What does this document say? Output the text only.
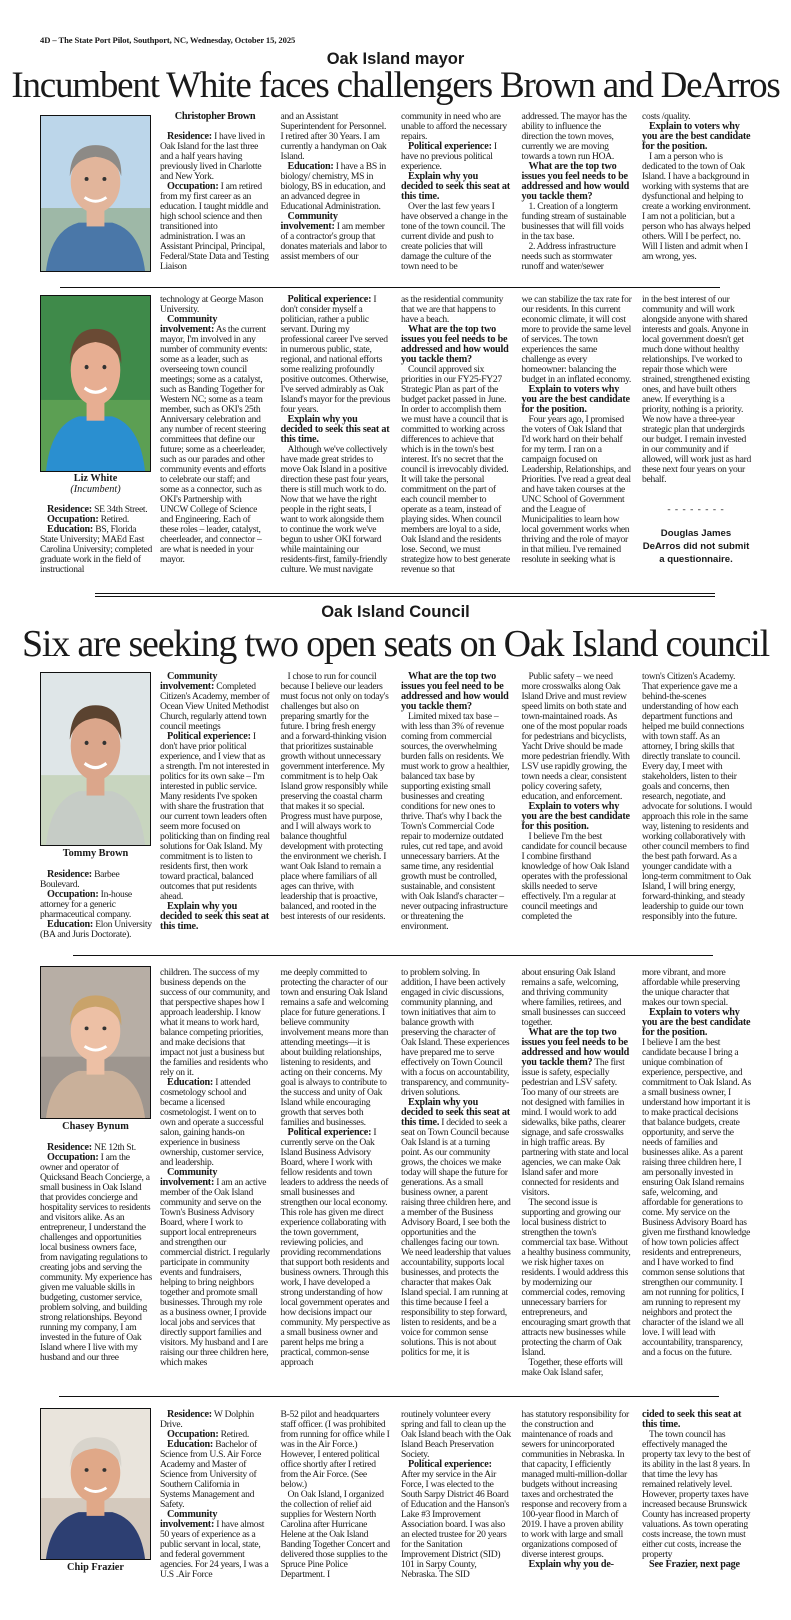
4D – The State Port Pilot, Southport, NC, Wednesday, October 15, 2025
Oak Island mayor
Incumbent White faces challengers Brown and DeArros
Oak Island Council
Six are seeking two open seats on Oak Island council

Christopher Brown

Residence: I have lived in Oak Island for the last three and a half years having previously lived in Charlotte and New York.

Occupation: I am retired from my first career as an education. I taught middle and high school science and then transitioned into administration. I was an Assistant Principal, Principal, Federal/State Data and Testing Liaison

and an Assistant Superintendent for Personnel. I retired after 30 Years. I am currently a handyman on Oak Island.

Education: I have a BS in biology/ chemistry, MS in biology, BS in education, and an advanced degree in Educational Administration.

Community involvement: I am member of a contractor's group that donates materials and labor to assist members of our

community in need who are unable to afford the necessary repairs.

Political experience: I have no previous political experience.

Explain why you decided to seek this seat at this time.

Over the last few years I have observed a change in the tone of the town council. The current divide and push to create policies that will damage the culture of the town need to be

addressed. The mayor has the ability to influence the direction the town moves, currently we are moving towards a town run HOA.

What are the top two issues you feel needs to be addressed and how would you tackle them?

1. Creation of a longterm funding stream of sustainable businesses that will fill voids in the tax base.

2. Address infrastructure needs such as stormwater runoff and water/sewer

costs /quality.

Explain to voters why you are the best candidate for the position.

I am a person who is dedicated to the town of Oak Island. I have a background in working with systems that are dysfunctional and helping to create a working environment. I am not a politician, but a person who has always helped others. Will I be perfect, no. Will I listen and admit when I am wrong, yes.

Liz White
(Incumbent)

Residence: SE 34th Street.

Occupation: Retired.

Education: BS, Florida State University; MAEd East Carolina University; completed graduate work in the field of instructional

technology at George Mason University.

Community involvement: As the current mayor, I'm involved in any number of community events: some as a leader, such as overseeing town council meetings; some as a catalyst, such as Banding Together for Western NC; some as a team member, such as OKI's 25th Anniversary celebration and any number of recent steering committees that define our future; some as a cheerleader, such as our parades and other community events and efforts to celebrate our staff; and some as a connector, such as OKI's Partnership with UNCW College of Science and Engineering. Each of these roles – leader, catalyst, cheerleader, and connector – are what is needed in your mayor.

Political experience: I don't consider myself a politician, rather a public servant. During my professional career I've served in numerous public, state, regional, and national efforts some realizing profoundly positive outcomes. Otherwise, I've served admirably as Oak Island's mayor for the previous four years.

Explain why you decided to seek this seat at this time.

Although we've collectively have made great strides to move Oak Island in a positive direction these past four years, there is still much work to do. Now that we have the right people in the right seats, I want to work alongside them to continue the work we've begun to usher OKI forward while maintaining our residents-first, family-friendly culture. We must navigate

as the residential community that we are that happens to have a beach.

What are the top two issues you feel needs to be addressed and how would you tackle them?

Council approved six priorities in our FY25-FY27 Strategic Plan as part of the budget packet passed in June. In order to accomplish them we must have a council that is committed to working across differences to achieve that which is in the town's best interest. It's no secret that the council is irrevocably divided. It will take the personal commitment on the part of each council member to operate as a team, instead of playing sides. When council members are loyal to a side, Oak Island and the residents lose. Second, we must strategize how to best generate revenue so that

we can stabilize the tax rate for our residents. In this current economic climate, it will cost more to provide the same level of services. The town experiences the same challenge as every homeowner: balancing the budget in an inflated economy.

Explain to voters why you are the best candidate for the position.

Four years ago, I promised the voters of Oak Island that I'd work hard on their behalf for my term. I ran on a campaign focused on Leadership, Relationships, and Priorities. I've read a great deal and have taken courses at the UNC School of Government and the League of Municipalities to learn how local government works when thriving and the role of mayor in that milieu. I've remained resolute in seeking what is

in the best interest of our community and will work alongside anyone with shared interests and goals. Anyone in local government doesn't get much done without healthy relationships. I've worked to repair those which were strained, strengthened existing ones, and have built others anew. If everything is a priority, nothing is a priority. We now have a three-year strategic plan that undergirds our budget. I remain invested in our community and if allowed, will work just as hard these next four years on your behalf.

Tommy Brown

Residence: Barbee Boulevard.

Occupation: In-house attorney for a generic pharmaceutical company.

Education: Elon University (BA and Juris Doctorate).

Community involvement: Completed Citizen's Academy, member of Ocean View United Methodist Church, regularly attend town council meetings

Political experience: I don't have prior political experience, and I view that as a strength. I'm not interested in politics for its own sake – I'm interested in public service. Many residents I've spoken with share the frustration that our current town leaders often seem more focused on politicking than on finding real solutions for Oak Island. My commitment is to listen to residents first, then work toward practical, balanced outcomes that put residents ahead.

Explain why you decided to seek this seat at this time.

I chose to run for council because I believe our leaders must focus not only on today's challenges but also on preparing smartly for the future. I bring fresh energy and a forward-thinking vision that prioritizes sustainable growth without unnecessary government interference. My commitment is to help Oak Island grow responsibly while preserving the coastal charm that makes it so special. Progress must have purpose, and I will always work to balance thoughtful development with protecting the environment we cherish. I want Oak Island to remain a place where familiars of all ages can thrive, with leadership that is proactive, balanced, and rooted in the best interests of our residents.

What are the top two issues you feel need to be addressed and how would you tackle them?

Limited mixed tax base – with less than 3% of revenue coming from commercial sources, the overwhelming burden falls on residents. We must work to grow a healthier, balanced tax base by supporting existing small businesses and creating conditions for new ones to thrive. That's why I back the Town's Commercial Code repair to modernize outdated rules, cut red tape, and avoid unnecessary barriers. At the same time, any residential growth must be controlled, sustainable, and consistent with Oak Island's character – never outpacing infrastructure or threatening the environment.

Public safety – we need more crosswalks along Oak Island Drive and must review speed limits on both state and town-maintained roads. As one of the most popular roads for pedestrians and bicyclists, Yacht Drive should be made more pedestrian friendly. With LSV use rapidly growing, the town needs a clear, consistent policy covering safety, education, and enforcement.

Explain to voters why you are the best candidate for this position.

I believe I'm the best candidate for council because I combine firsthand knowledge of how Oak Island operates with the professional skills needed to serve effectively. I'm a regular at council meetings and completed the

town's Citizen's Academy. That experience gave me a behind-the-scenes understanding of how each department functions and helped me build connections with town staff. As an attorney, I bring skills that directly translate to council. Every day, I meet with stakeholders, listen to their goals and concerns, then research, negotiate, and advocate for solutions. I would approach this role in the same way, listening to residents and working collaboratively with other council members to find the best path forward. As a younger candidate with a long-term commitment to Oak Island, I will bring energy, forward-thinking, and steady leadership to guide our town responsibly into the future.

Chasey Bynum

Residence: NE 12th St.

Occupation: I am the owner and operator of Quicksand Beach Concierge, a small business in Oak Island that provides concierge and hospitality services to residents and visitors alike. As an entrepreneur, I understand the challenges and opportunities local business owners face, from navigating regulations to creating jobs and serving the community. My experience has given me valuable skills in budgeting, customer service, problem solving, and building strong relationships. Beyond running my company, I am invested in the future of Oak Island where I live with my husband and our three

children. The success of my business depends on the success of our community, and that perspective shapes how I approach leadership. I know what it means to work hard, balance competing priorities, and make decisions that impact not just a business but the families and residents who rely on it.

Education: I attended cosmetology school and became a licensed cosmetologist. I went on to own and operate a successful salon, gaining hands-on experience in business ownership, customer service, and leadership.

Community involvement: I am an active member of the Oak Island community and serve on the Town's Business Advisory Board, where I work to support local entrepreneurs and strengthen our commercial district. I regularly participate in community events and fundraisers, helping to bring neighbors together and promote small businesses. Through my role as a business owner, I provide local jobs and services that directly support families and visitors. My husband and I are raising our three children here, which makes

me deeply committed to protecting the character of our town and ensuring Oak Island remains a safe and welcoming place for future generations. I believe community involvement means more than attending meetings—it is about building relationships, listening to residents, and acting on their concerns. My goal is always to contribute to the success and unity of Oak Island while encouraging growth that serves both families and businesses.

Political experience: I currently serve on the Oak Island Business Advisory Board, where I work with fellow residents and town leaders to address the needs of small businesses and strengthen our local economy. This role has given me direct experience collaborating with the town government, reviewing policies, and providing recommendations that support both residents and business owners. Through this work, I have developed a strong understanding of how local government operates and how decisions impact our community. My perspective as a small business owner and parent helps me bring a practical, common-sense approach

to problem solving. In addition, I have been actively engaged in civic discussions, community planning, and town initiatives that aim to balance growth with preserving the character of Oak Island. These experiences have prepared me to serve effectively on Town Council with a focus on accountability, transparency, and community-driven solutions.

Explain why you decided to seek this seat at this time. I decided to seek a seat on Town Council because Oak Island is at a turning point. As our community grows, the choices we make today will shape the future for generations. As a small business owner, a parent raising three children here, and a member of the Business Advisory Board, I see both the opportunities and the challenges facing our town. We need leadership that values accountability, supports local businesses, and protects the character that makes Oak Island special. I am running at this time because I feel a responsibility to step forward, listen to residents, and be a voice for common sense solutions. This is not about politics for me, it is

about ensuring Oak Island remains a safe, welcoming, and thriving community where families, retirees, and small businesses can succeed together.

What are the top two issues you feel needs to be addressed and how would you tackle them? The first issue is safety, especially pedestrian and LSV safety. Too many of our streets are not designed with families in mind. I would work to add sidewalks, bike paths, clearer signage, and safe crosswalks in high traffic areas. By partnering with state and local agencies, we can make Oak Island safer and more connected for residents and visitors.

The second issue is supporting and growing our local business district to strengthen the town's commercial tax base. Without a healthy business community, we risk higher taxes on residents. I would address this by modernizing our commercial codes, removing unnecessary barriers for entrepreneurs, and encouraging smart growth that attracts new businesses while protecting the charm of Oak Island.

Together, these efforts will make Oak Island safer,

more vibrant, and more affordable while preserving the unique character that makes our town special.

Explain to voters why you are the best candidate for the position.

I believe I am the best candidate because I bring a unique combination of experience, perspective, and commitment to Oak Island. As a small business owner, I understand how important it is to make practical decisions that balance budgets, create opportunity, and serve the needs of families and businesses alike. As a parent raising three children here, I am personally invested in ensuring Oak Island remains safe, welcoming, and affordable for generations to come. My service on the Business Advisory Board has given me firsthand knowledge of how town policies affect residents and entrepreneurs, and I have worked to find common sense solutions that strengthen our community. I am not running for politics, I am running to represent my neighbors and protect the character of the island we all love. I will lead with accountability, transparency, and a focus on the future.

Chip Frazier

Residence: W Dolphin Drive.

Occupation: Retired.

Education: Bachelor of Science from U.S. Air Force Academy and Master of Science from University of Southern California in Systems Management and Safety.

Community involvement: I have almost 50 years of experience as a public servant in local, state, and federal government agencies. For 24 years, I was a U.S .Air Force

B-52 pilot and headquarters staff officer. (I was prohibited from running for office while I was in the Air Force.) However, I entered political office shortly after I retired from the Air Force. (See below.)

On Oak Island, I organized the collection of relief aid supplies for Western North Carolina after Hurricane Helene at the Oak Island Banding Together Concert and delivered those supplies to the Spruce Pine Police Department. I

routinely volunteer every spring and fall to clean up the Oak Island beach with the Oak Island Beach Preservation Society.

Political experience:

After my service in the Air Force, I was elected to the South Sarpy District 46 Board of Education and the Hanson's Lake #3 Improvement Association board. I was also an elected trustee for 20 years for the Sanitation Improvement District (SID) 101 in Sarpy County, Nebraska. The SID

has statutory responsibility for the construction and maintenance of roads and sewers for unincorporated communities in Nebraska. In that capacity, I efficiently managed multi-million-dollar budgets without increasing taxes and orchestrated the response and recovery from a 100-year flood in March of 2019. I have a proven ability to work with large and small organizations composed of diverse interest groups.

Explain why you de-

cided to seek this seat at this time.

The town council has effectively managed the property tax levy to the best of its ability in the last 8 years. In that time the levy has remained relatively level. However, property taxes have increased because Brunswick County has increased property valuations. As town operating costs increase, the town must either cut costs, increase the property

See Frazier, next page

- - - - - - - -
Douglas James DeArros did not submit a questionnaire.
